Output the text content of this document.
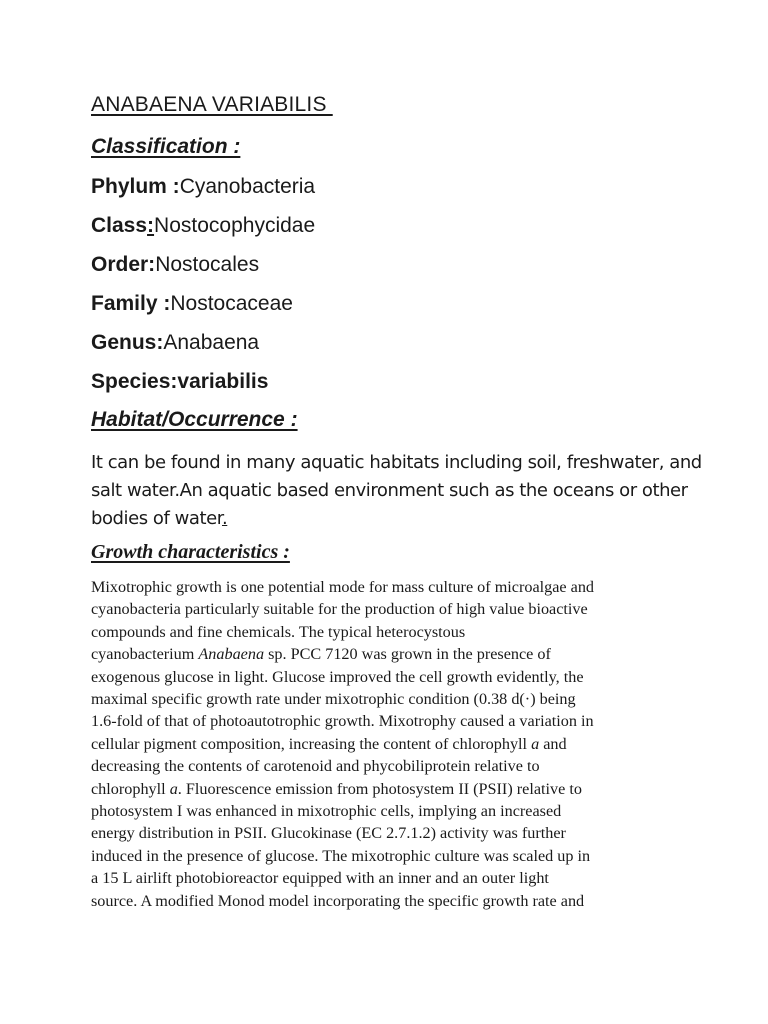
ANABAENA VARIABILIS
Classification :
Phylum :Cyanobacteria
Class:Nostocophycidae
Order:Nostocales
Family :Nostocaceae
Genus:Anabaena
Species:variabilis
Habitat/Occurrence :
It can be found in many aquatic habitats including soil, freshwater, and
salt water.An aquatic based environment such as the oceans or other
bodies of water.
Growth characteristics :
Mixotrophic growth is one potential mode for mass culture of microalgae and
cyanobacteria particularly suitable for the production of high value bioactive
compounds and fine chemicals. The typical heterocystous
cyanobacterium Anabaena sp. PCC 7120 was grown in the presence of
exogenous glucose in light. Glucose improved the cell growth evidently, the
maximal specific growth rate under mixotrophic condition (0.38 d(·) being
1.6-fold of that of photoautotrophic growth. Mixotrophy caused a variation in
cellular pigment composition, increasing the content of chlorophyll a and
decreasing the contents of carotenoid and phycobiliprotein relative to
chlorophyll a. Fluorescence emission from photosystem II (PSII) relative to
photosystem I was enhanced in mixotrophic cells, implying an increased
energy distribution in PSII. Glucokinase (EC 2.7.1.2) activity was further
induced in the presence of glucose. The mixotrophic culture was scaled up in
a 15 L airlift photobioreactor equipped with an inner and an outer light
source. A modified Monod model incorporating the specific growth rate and
